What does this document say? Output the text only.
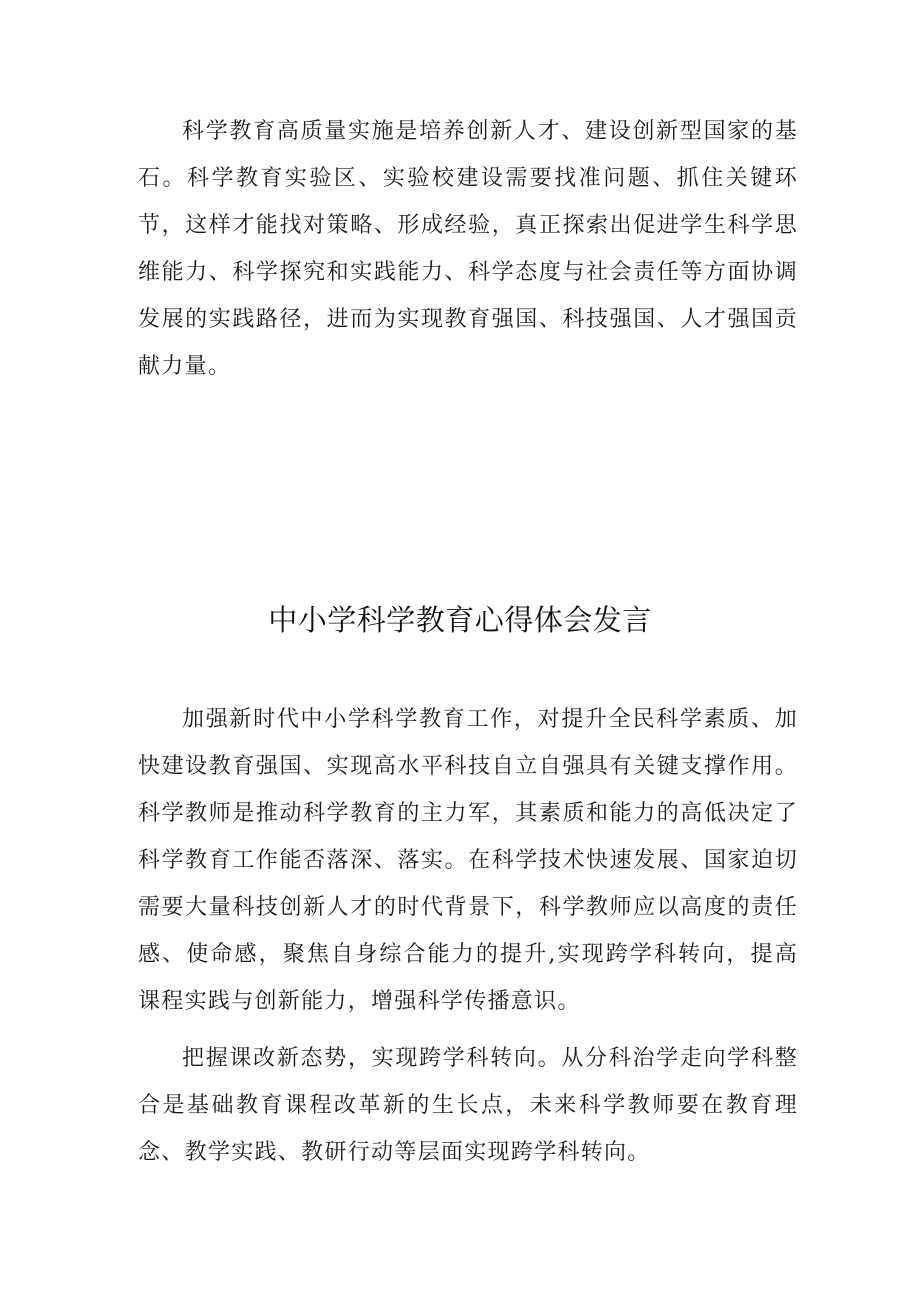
科学教育高质量实施是培养创新人才、建设创新型国家的基石。科学教育实验区、实验校建设需要找准问题、抓住关键环节，这样才能找对策略、形成经验，真正探索出促进学生科学思维能力、科学探究和实践能力、科学态度与社会责任等方面协调发展的实践路径，进而为实现教育强国、科技强国、人才强国贡献力量。

中小学科学教育心得体会发言

加强新时代中小学科学教育工作，对提升全民科学素质、加快建设教育强国、实现高水平科技自立自强具有关键支撑作用。科学教师是推动科学教育的主力军，其素质和能力的高低决定了科学教育工作能否落深、落实。在科学技术快速发展、国家迫切需要大量科技创新人才的时代背景下，科学教师应以高度的责任感、使命感，聚焦自身综合能力的提升,实现跨学科转向，提高课程实践与创新能力，增强科学传播意识。

把握课改新态势，实现跨学科转向。从分科治学走向学科整合是基础教育课程改革新的生长点，未来科学教师要在教育理念、教学实践、教研行动等层面实现跨学科转向。
